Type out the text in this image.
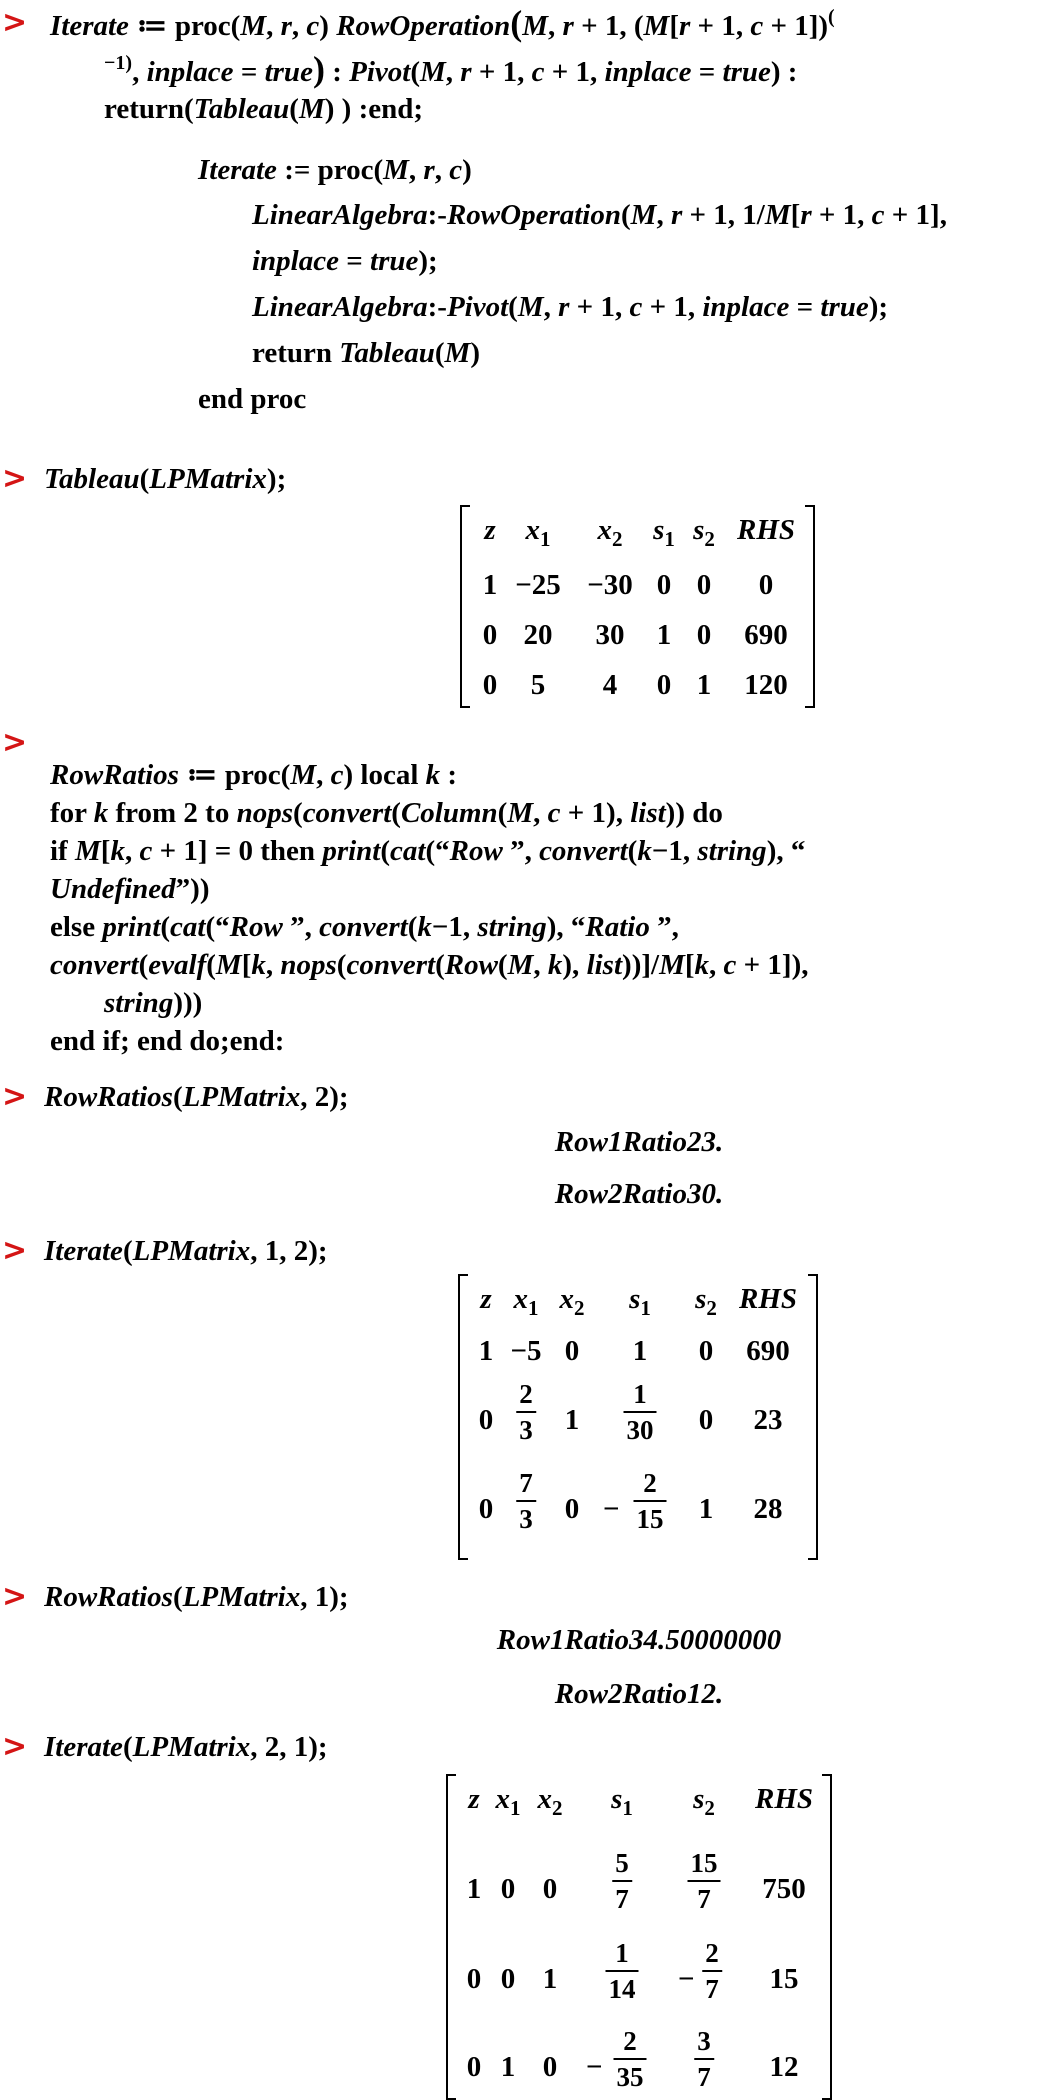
> Iterate ≔ proc(M, r, c) RowOperation(M, r + 1, (M[r + 1, c + 1])(
$^{-1)}$, inplace = true) : Pivot(M, r + 1, c + 1, inplace = true) :
return(Tableau(M) ) :end;
Iterate := proc(M, r, c)
LinearAlgebra:-RowOperation(M, r + 1, 1/M[r + 1, c + 1],
inplace = true);
LinearAlgebra:-Pivot(M, r + 1, c + 1, inplace = true);
return Tableau(M)
end proc
> Tableau(LPMatrix);
z $x_1$ $x_2$ $s_1$ $s_2$ RHS
1 −25 −30 0 0 0
0 20 30 1 0 690
0 5 4 0 1 120
>
RowRatios ≔ proc(M, c) local k :
for k from 2 to nops(convert(Column(M, c + 1), list)) do
if M[k, c + 1] = 0 then print(cat(“Row ”, convert(k−1, string), “
Undefined”))
else print(cat(“Row ”, convert(k−1, string), “Ratio ”,
convert(evalf(M[k, nops(convert(Row(M, k), list))]/M[k, c + 1]),
string)))
end if; end do;end:
> RowRatios(LPMatrix, 2);
Row1Ratio23.
Row2Ratio30.
> Iterate(LPMatrix, 1, 2);
z $x_1$ $x_2$ $s_1$ $s_2$ RHS
1 −5 0 1 0 690
0
2
3 1
1
30 0 23
0
7
3 0 −
2
15 1 28
> RowRatios(LPMatrix, 1);
Row1Ratio34.50000000
Row2Ratio12.
> Iterate(LPMatrix, 2, 1);
z $x_1$ $x_2$ $s_1$ $s_2$ RHS
1 0 0
5
7
15
7	750
0 0 1
1
14 −
2
7 15
0 1 0 −
2
35
3
7 12
